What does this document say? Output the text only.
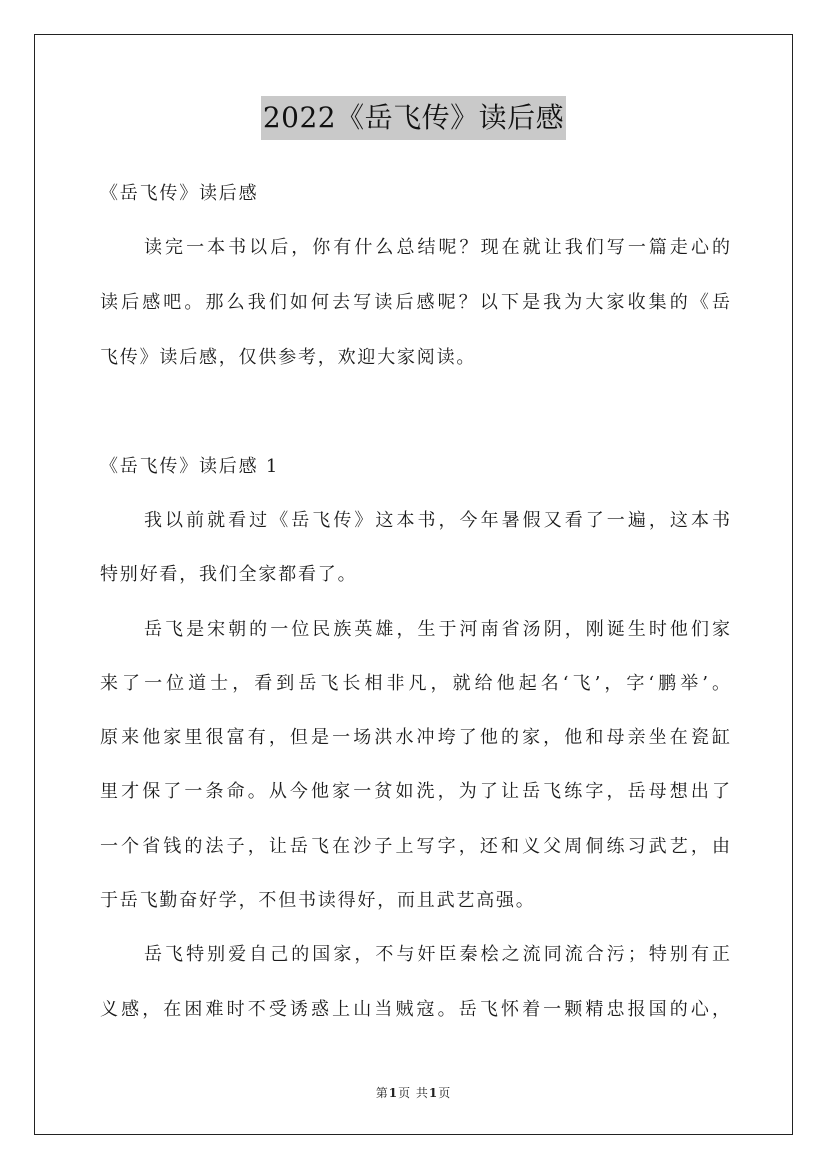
2022《岳飞传》读后感
《岳飞传》读后感
读完一本书以后，你有什么总结呢？现在就让我们写一篇走心的
读后感吧。那么我们如何去写读后感呢？以下是我为大家收集的《岳
飞传》读后感，仅供参考，欢迎大家阅读。
《岳飞传》读后感 1
我以前就看过《岳飞传》这本书，今年暑假又看了一遍，这本书
特别好看，我们全家都看了。
岳飞是宋朝的一位民族英雄，生于河南省汤阴，刚诞生时他们家
来了一位道士，看到岳飞长相非凡，就给他起名‘飞’，字‘鹏举’。
原来他家里很富有，但是一场洪水冲垮了他的家，他和母亲坐在瓷缸
里才保了一条命。从今他家一贫如洗，为了让岳飞练字，岳母想出了
一个省钱的法子，让岳飞在沙子上写字，还和义父周侗练习武艺，由
于岳飞勤奋好学，不但书读得好，而且武艺高强。
岳飞特别爱自己的国家，不与奸臣秦桧之流同流合污；特别有正
义感，在困难时不受诱惑上山当贼寇。岳飞怀着一颗精忠报国的心，
第1页 共1页
